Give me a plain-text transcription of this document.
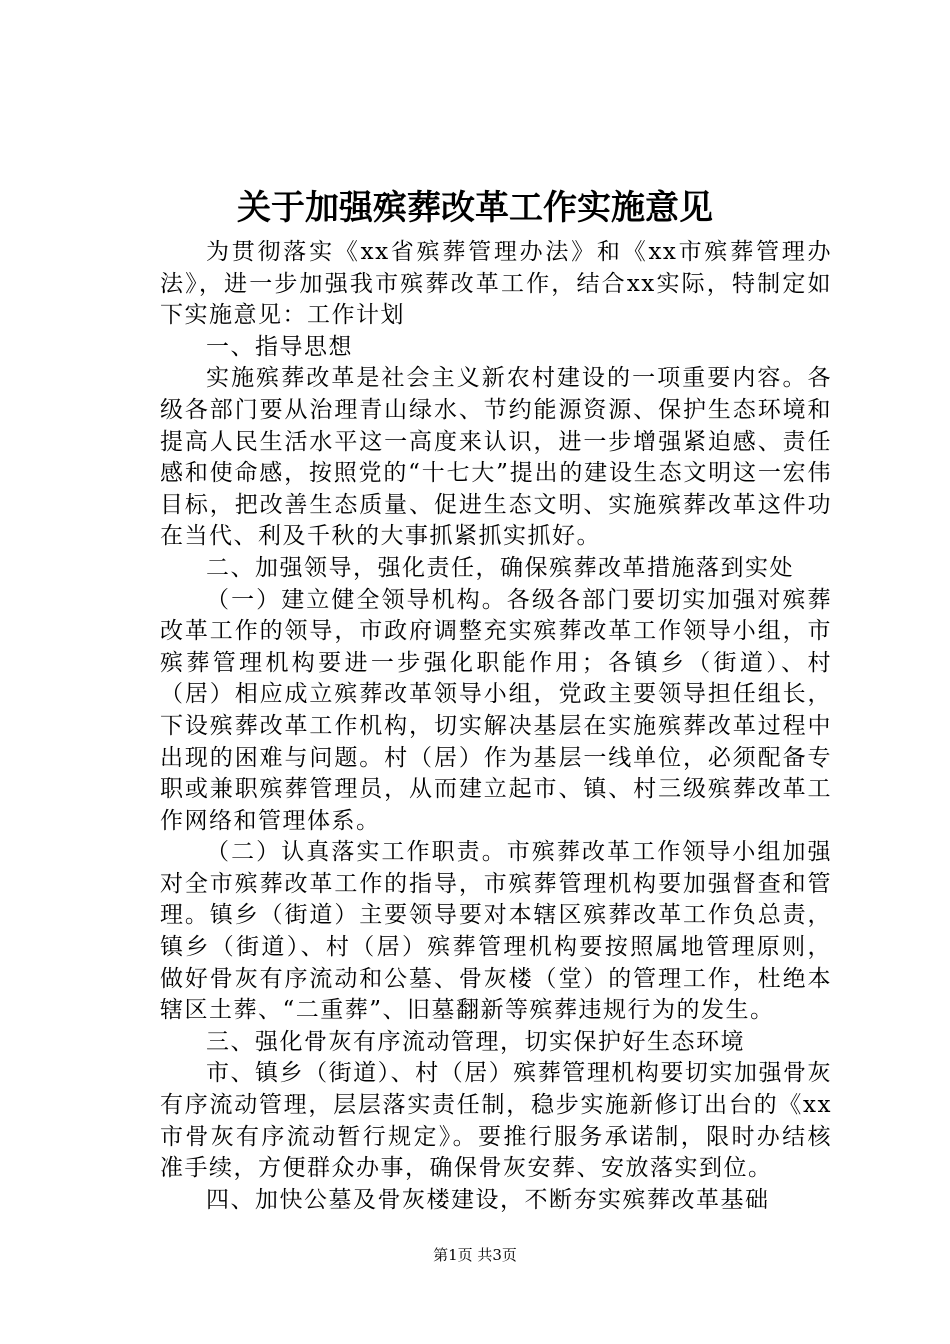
关于加强殡葬改革工作实施意见

为贯彻落实《xx省殡葬管理办法》和《xx市殡葬管理办法》，进一步加强我市殡葬改革工作，结合xx实际，特制定如下实施意见：工作计划

一、指导思想

实施殡葬改革是社会主义新农村建设的一项重要内容。各级各部门要从治理青山绿水、节约能源资源、保护生态环境和提高人民生活水平这一高度来认识，进一步增强紧迫感、责任感和使命感，按照党的“十七大”提出的建设生态文明这一宏伟目标，把改善生态质量、促进生态文明、实施殡葬改革这件功在当代、利及千秋的大事抓紧抓实抓好。

二、加强领导，强化责任，确保殡葬改革措施落到实处

（一）建立健全领导机构。各级各部门要切实加强对殡葬改革工作的领导，市政府调整充实殡葬改革工作领导小组，市殡葬管理机构要进一步强化职能作用；各镇乡（街道）、村（居）相应成立殡葬改革领导小组，党政主要领导担任组长，下设殡葬改革工作机构，切实解决基层在实施殡葬改革过程中出现的困难与问题。村（居）作为基层一线单位，必须配备专职或兼职殡葬管理员，从而建立起市、镇、村三级殡葬改革工作网络和管理体系。

（二）认真落实工作职责。市殡葬改革工作领导小组加强对全市殡葬改革工作的指导，市殡葬管理机构要加强督查和管理。镇乡（街道）主要领导要对本辖区殡葬改革工作负总责，镇乡（街道）、村（居）殡葬管理机构要按照属地管理原则，做好骨灰有序流动和公墓、骨灰楼（堂）的管理工作，杜绝本辖区土葬、“二重葬”、旧墓翻新等殡葬违规行为的发生。

三、强化骨灰有序流动管理，切实保护好生态环境

市、镇乡（街道）、村（居）殡葬管理机构要切实加强骨灰有序流动管理，层层落实责任制，稳步实施新修订出台的《xx市骨灰有序流动暂行规定》。要推行服务承诺制，限时办结核准手续，方便群众办事，确保骨灰安葬、安放落实到位。

四、加快公墓及骨灰楼建设，不断夯实殡葬改革基础

第1页 共3页
